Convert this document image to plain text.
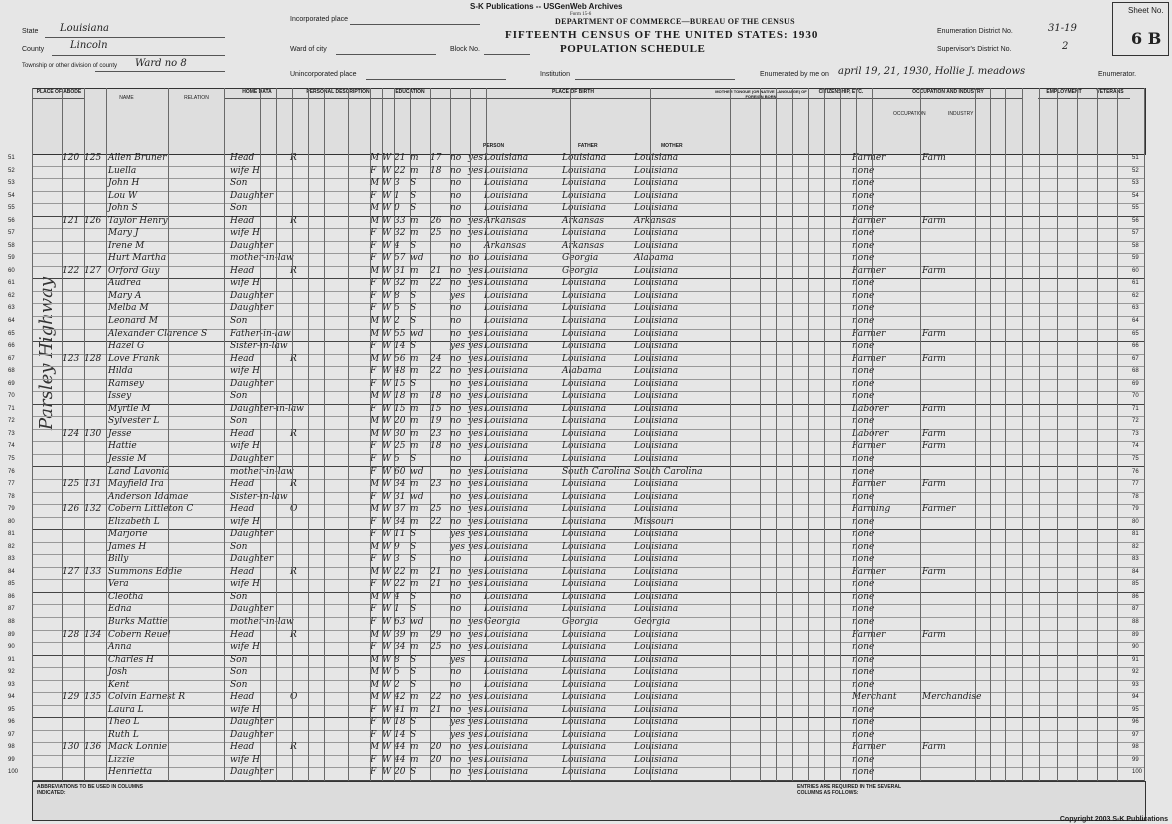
S-K Publications -- USGenWeb Archives
Form 15-6
DEPARTMENT OF COMMERCE—BUREAU OF THE CENSUS
FIFTEENTH CENSUS OF THE UNITED STATES: 1930
POPULATION SCHEDULE
State Louisiana
County	Lincoln
Township or other division of county Ward no 8
Incorporated place
Ward of city	Block No.
Unincorporated place	Institution
Enumeration District No.	31-19
Supervisor's District No.	2
Enumerated by me on april 19, 21, 1930, Hollie J. meadows	Enumerator.
Sheet No.
6 B
PLACE OF ABODE
NAME	RELATION
HOME DATA	PERSONAL DESCRIPTION	EDUCATION	PLACE OF BIRTH
PERSON	FATHER	MOTHER
MOTHER TONGUE (OR NATIVE LANGUAGE) OF FOREIGN BORN
CITIZENSHIP, ETC.	OCCUPATION AND INDUSTRY
OCCUPATION	INDUSTRY
EMPLOYMENT	VETERANS
Parsley Highway
51	120 125 Allen Bruner	Head	R	M W 21 m	17 no yes Louisiana	Louisiana	Louisiana	Farmer	Farm	51
52	Luella	wife H	F W 22 m	18 no yes Louisiana	Louisiana	Louisiana	none	52
53	John H	Son	M W 3	S	no	Louisiana	Louisiana	Louisiana	none	53
54	Lou W	Daughter	F W 1	S	no	Louisiana	Louisiana	Louisiana	none	54
55	John S	Son	M W 0	S	no	Louisiana	Louisiana	Louisiana	none	55
56	121 126 Taylor Henry	Head	R	M W 33 m	26 no yes Arkansas	Arkansas	Arkansas	Farmer	Farm	56
57	Mary J	wife H	F W 32 m	25 no yes Louisiana	Louisiana	Louisiana	none	57
58	Irene M	Daughter	F W 4	S	no	Arkansas	Arkansas	Louisiana	none	58
59	Hurt Martha	mother-in-law	F W 57 wd	no no Louisiana	Georgia	Alabama	none	59
60	122 127 Orford Guy	Head	R	M W 31 m	21 no yes Louisiana	Georgia	Louisiana	Farmer	Farm	60
61	Audrea	wife H	F W 32 m	22 no yes Louisiana	Louisiana	Louisiana	none	61
62	Mary A	Daughter	F W 8	S	yes	Louisiana	Louisiana	Louisiana	none	62
63	Melba M	Daughter	F W 5	S	no	Louisiana	Louisiana	Louisiana	none	63
64	Leonard M	Son	M W 2	S	no	Louisiana	Louisiana	Louisiana	none	64
65	Alexander Clarence S	Father-in-law	M W 55 wd	no yes Louisiana	Louisiana	Louisiana	Farmer	Farm	65
66	Hazel G	Sister-in-law	F W 14 S	yes yes Louisiana	Louisiana	Louisiana	none	66
67	123 128 Love Frank	Head	R	M W 56 m	24 no yes Louisiana	Louisiana	Louisiana	Farmer	Farm	67
68	Hilda	wife H	F W 48 m	22 no yes Louisiana	Alabama	Louisiana	none	68
69	Ramsey	Daughter	F W 15 S	no yes Louisiana	Louisiana	Louisiana	none	69
70	Issey	Son	M W 18 m	18 no yes Louisiana	Louisiana	Louisiana	none	70
71	Myrtle M	Daughter-in-law	F W 15 m	15 no yes Louisiana	Louisiana	Louisiana	Laborer	Farm	71
72	Sylvester L	Son	M W 20 m	19 no yes Louisiana	Louisiana	Louisiana	none	72
73	124 130 Jesse	Head	R	M W 30 m	23 no yes Louisiana	Louisiana	Louisiana	Laborer	Farm	73
74	Hattie	wife H	F W 25 m	18 no yes Louisiana	Louisiana	Louisiana	Farmer	Farm	74
75	Jessie M	Daughter	F W 5	S	no	Louisiana	Louisiana	Louisiana	none	75
76	Land Lavonia	mother-in-law	F W 60 wd	no yes Louisiana	South Carolina South Carolina	none	76
77	125 131 Mayfield Ira	Head	R	M W 34 m	23 no yes Louisiana	Louisiana	Louisiana	Farmer	Farm	77
78	Anderson Idamae	Sister-in-law	F W 31 wd	no yes Louisiana	Louisiana	Louisiana	none	78
79	126 132 Cobern Littleton C	Head	O	M W 37 m	25 no yes Louisiana	Louisiana	Louisiana	Farming	Farmer	79
80	Elizabeth L	wife H	F W 34 m	22 no yes Louisiana	Louisiana	Missouri	none	80
81	Marjorie	Daughter	F W 11 S	yes yes Louisiana	Louisiana	Louisiana	none	81
82	James H	Son	M W 9	S	yes yes Louisiana	Louisiana	Louisiana	none	82
83	Billy	Daughter	F W 3	S	no	Louisiana	Louisiana	Louisiana	none	83
84	127 133 Summons Eddie	Head	R	M W 22 m	21 no yes Louisiana	Louisiana	Louisiana	Farmer	Farm	84
85	Vera	wife H	F W 22 m	21 no yes Louisiana	Louisiana	Louisiana	none	85
86	Cleotha	Son	M W 4	S	no	Louisiana	Louisiana	Louisiana	none	86
87	Edna	Daughter	F W 1	S	no	Louisiana	Louisiana	Louisiana	none	87
88	Burks Mattie	mother-in-law	F W 63 wd	no yes Georgia	Georgia	Georgia	none	88
89	128 134 Cobern Reuel	Head	R	M W 39 m	29 no yes Louisiana	Louisiana	Louisiana	Farmer	Farm	89
90	Anna	wife H	F W 34 m	25 no yes Louisiana	Louisiana	Louisiana	none	90
91	Charles H	Son	M W 8	S	yes	Louisiana	Louisiana	Louisiana	none	91
92	Josh	Son	M W 5	S	no	Louisiana	Louisiana	Louisiana	none	92
93	Kent	Son	M W 2	S	no	Louisiana	Louisiana	Louisiana	none	93
94	129 135 Colvin Earnest R	Head	O	M W 42 m	22 no yes Louisiana	Louisiana	Louisiana	Merchant	Merchandise	94
95	Laura L	wife H	F W 41 m	21 no yes Louisiana	Louisiana	Louisiana	none	95
96	Theo L	Daughter	F W 18 S	yes yes Louisiana	Louisiana	Louisiana	none	96
97	Ruth L	Daughter	F W 14 S	yes yes Louisiana	Louisiana	Louisiana	none	97
98	130 136 Mack Lonnie	Head	R	M W 44 m	20 no yes Louisiana	Louisiana	Louisiana	Farmer	Farm	98
99	Lizzie	wife H	F W 44 m	20 no yes Louisiana	Louisiana	Louisiana	none	99
100	Henrietta	Daughter	F W 20 S	no yes Louisiana	Louisiana	Louisiana	none	100
ABBREVIATIONS TO BE USED IN COLUMNS INDICATED:
ENTRIES ARE REQUIRED IN THE SEVERAL COLUMNS AS FOLLOWS:
Copyright 2003 S-K Publications
